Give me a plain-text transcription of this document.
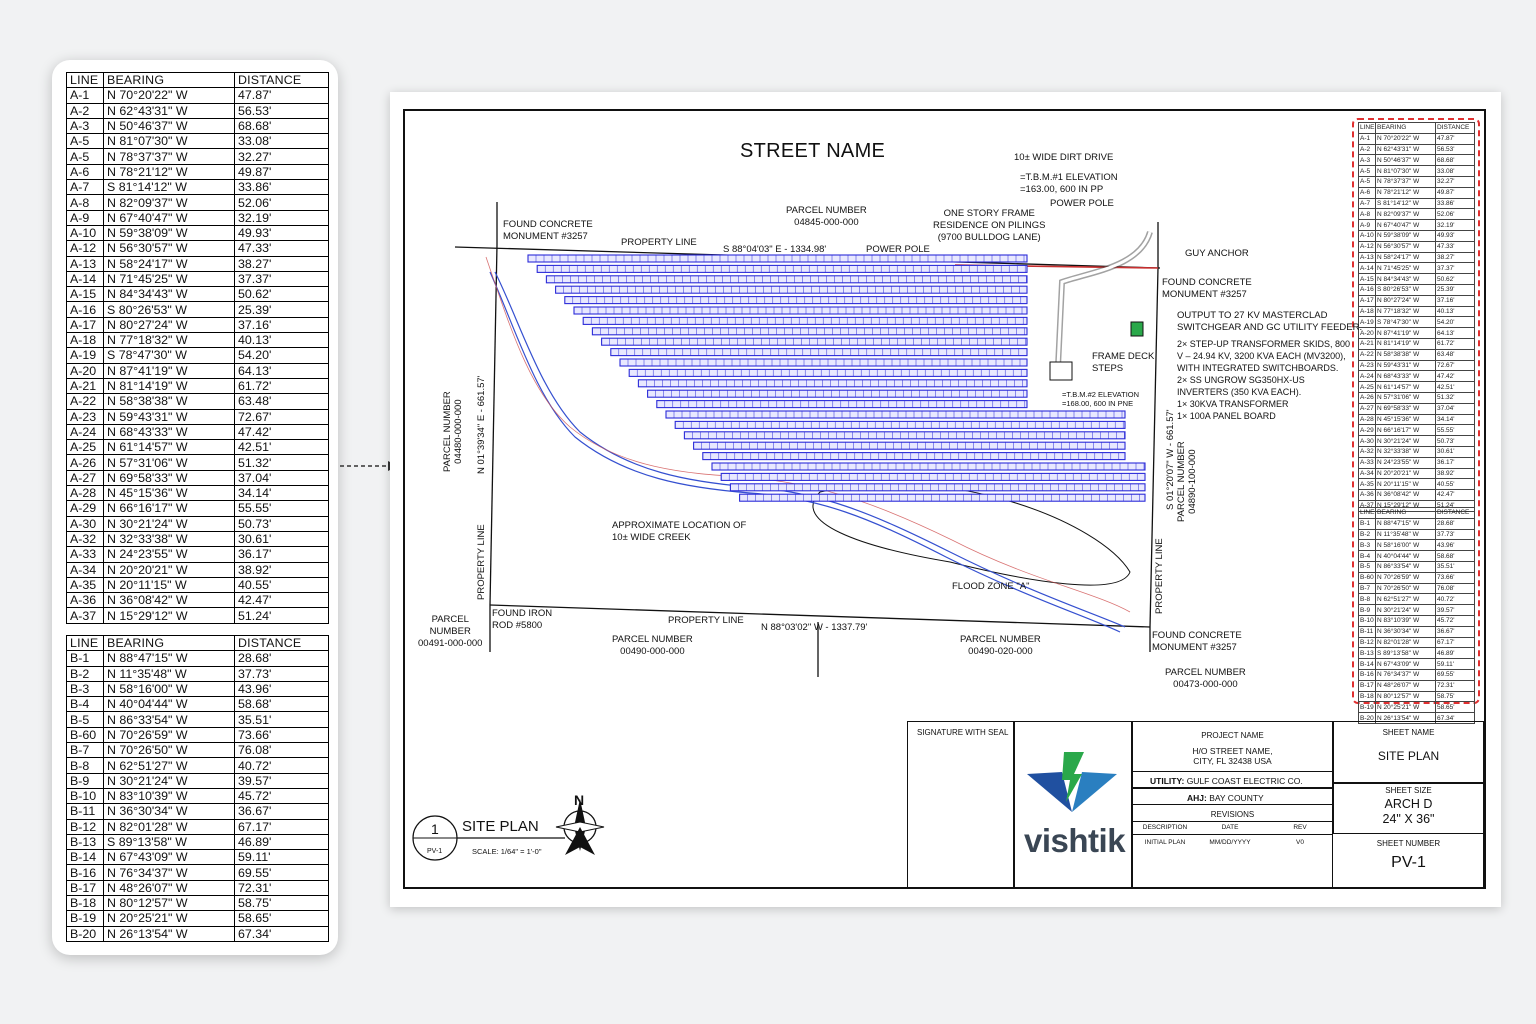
LINE	BEARING	DISTANCE
A-1	N 70°20'22" W	47.87'
A-2	N 62°43'31" W	56.53'
A-3	N 50°46'37" W	68.68'
A-5	N 81°07'30" W	33.08'
A-5	N 78°37'37" W	32.27'
A-6	N 78°21'12" W	49.87'
A-7	S 81°14'12" W	33.86'
A-8	N 82°09'37" W	52.06'
A-9	N 67°40'47" W	32.19'
A-10	N 59°38'09" W	49.93'
A-12	N 56°30'57" W	47.33'
A-13	N 58°24'17" W	38.27'
A-14	N 71°45'25" W	37.37'
A-15	N 84°34'43" W	50.62'
A-16	S 80°26'53" W	25.39'
A-17	N 80°27'24" W	37.16'
A-18	N 77°18'32" W	40.13'
A-19	S 78°47'30" W	54.20'
A-20	N 87°41'19" W	64.13'
A-21	N 81°14'19" W	61.72'
A-22	N 58°38'38" W	63.48'
A-23	N 59°43'31" W	72.67'
A-24	N 68°43'33" W	47.42'
A-25	N 61°14'57" W	42.51'
A-26	N 57°31'06" W	51.32'
A-27	N 69°58'33" W	37.04'
A-28	N 45°15'36" W	34.14'
A-29	N 66°16'17" W	55.55'
A-30	N 30°21'24" W	50.73'
A-32	N 32°33'38" W	30.61'
A-33	N 24°23'55" W	36.17'
A-34	N 20°20'21" W	38.92'
A-35	N 20°11'15" W	40.55'
A-36	N 36°08'42" W	42.47'
A-37	N 15°29'12" W	51.24'
LINE	BEARING	DISTANCE
B-1	N 88°47'15" W	28.68'
B-2	N 11°35'48" W	37.73'
B-3	N 58°16'00" W	43.96'
B-4	N 40°04'44" W	58.68'
B-5	N 86°33'54" W	35.51'
B-60	N 70°26'59" W	73.66'
B-7	N 70°26'50" W	76.08'
B-8	N 62°51'27" W	40.72'
B-9	N 30°21'24" W	39.57'
B-10	N 83°10'39" W	45.72'
B-11	N 36°30'34" W	36.67'
B-12	N 82°01'28" W	67.17'
B-13	S 89°13'58" W	46.89'
B-14	N 67°43'09" W	59.11'
B-16	N 76°34'37" W	69.55'
B-17	N 48°26'07" W	72.31'
B-18	N 80°12'57" W	58.75'
B-19	N 20°25'21" W	58.65'
B-20	N 26°13'54" W	67.34'
LINE	BEARING	DISTANCE
A-1	N 70°20'22" W	47.87'
A-2	N 62°43'31" W	56.53'
A-3	N 50°46'37" W	68.68'
A-5	N 81°07'30" W	33.08'
A-5	N 78°37'37" W	32.27'
A-6	N 78°21'12" W	49.87'
A-7	S 81°14'12" W	33.86'
A-8	N 82°09'37" W	52.06'
A-9	N 67°40'47" W	32.19'
A-10	N 59°38'09" W	49.93'
A-12	N 56°30'57" W	47.33'
A-13	N 58°24'17" W	38.27'
A-14	N 71°45'25" W	37.37'
A-15	N 84°34'43" W	50.62'
A-16	S 80°26'53" W	25.39'
A-17	N 80°27'24" W	37.16'
A-18	N 77°18'32" W	40.13'
A-19	S 78°47'30" W	54.20'
A-20	N 87°41'19" W	64.13'
A-21	N 81°14'19" W	61.72'
A-22	N 58°38'38" W	63.48'
A-23	N 59°43'31" W	72.67'
A-24	N 68°43'33" W	47.42'
A-25	N 61°14'57" W	42.51'
A-26	N 57°31'06" W	51.32'
A-27	N 69°58'33" W	37.04'
A-28	N 45°15'36" W	34.14'
A-29	N 66°16'17" W	55.55'
A-30	N 30°21'24" W	50.73'
A-32	N 32°33'38" W	30.61'
A-33	N 24°23'55" W	36.17'
A-34	N 20°20'21" W	38.92'
A-35	N 20°11'15" W	40.55'
A-36	N 36°08'42" W	42.47'
A-37	N 15°29'12" W	51.24'
LINE	BEARING	DISTANCE
B-1	N 88°47'15" W	28.68'
B-2	N 11°35'48" W	37.73'
B-3	N 58°16'00" W	43.96'
B-4	N 40°04'44" W	58.68'
B-5	N 86°33'54" W	35.51'
B-60	N 70°26'59" W	73.66'
B-7	N 70°26'50" W	76.08'
B-8	N 62°51'27" W	40.72'
B-9	N 30°21'24" W	39.57'
B-10	N 83°10'39" W	45.72'
B-11	N 36°30'34" W	36.67'
B-12	N 82°01'28" W	67.17'
B-13	S 89°13'58" W	46.89'
B-14	N 67°43'09" W	59.11'
B-16	N 76°34'37" W	69.55'
B-17	N 48°26'07" W	72.31'
B-18	N 80°12'57" W	58.75'
B-19	N 20°25'21" W	58.65'
B-20	N 26°13'54" W	67.34'
STREET NAME
FOUND CONCRETE
MONUMENT #3257
PARCEL NUMBER
04845-000-000
PROPERTY LINE
S 88°04'03" E - 1334.98'	POWER POLE
ONE STORY FRAME
RESIDENCE ON PILINGS
(9700 BULLDOG LANE)
10± WIDE DIRT DRIVE
=T.B.M.#1 ELEVATION
=163.00, 600 IN PP
POWER POLE
GUY ANCHOR
FOUND CONCRETE
MONUMENT #3257
OUTPUT TO 27 KV MASTERCLAD
SWITCHGEAR AND GC UTILITY FEEDER.
2× STEP-UP TRANSFORMER SKIDS, 800
V – 24.94 KV, 3200 KVA EACH (MV3200),
WITH INTEGRATED SWITCHBOARDS.
2× SS UNGROW SG350HX-US
INVERTERS (350 KVA EACH).
1× 30KVA TRANSFORMER
1× 100A PANEL BOARD
FRAME DECK
STEPS
=T.B.M.#2 ELEVATION
=168.00, 600 IN PNE
PARCEL NUMBER
04480-000-000 N 01°39'34" E - 661.57'
PROPERTY LINE
S 01°20'07" W - 661.57' PARCEL NUMBER
04890-100-000
PROPERTY LINE
APPROXIMATE LOCATION OF
10± WIDE CREEK
FLOOD ZONE "A"
PARCEL
NUMBER
00491-000-000
FOUND IRON
ROD #5800	PROPERTY LINE
N 88°03'02" W - 1337.79'
PARCEL NUMBER
00490-000-000
PARCEL NUMBER
00490-020-000
FOUND CONCRETE
MONUMENT #3257
PARCEL NUMBER
00473-000-000
1
PV-1
SITE PLAN
SCALE: 1/64" = 1'-0"
N
SIGNATURE WITH SEAL
vishtik
PROJECT NAME
H/O STREET NAME,
CITY, FL 32438 USA
UTILITY: GULF COAST ELECTRIC CO.
AHJ: BAY COUNTY
REVISIONS
DESCRIPTION	DATE	REV
INITIAL PLAN	MM/DD/YYYY	V0
SHEET NAME
SITE PLAN
SHEET SIZE
ARCH D
24" X 36"
SHEET NUMBER
PV-1
